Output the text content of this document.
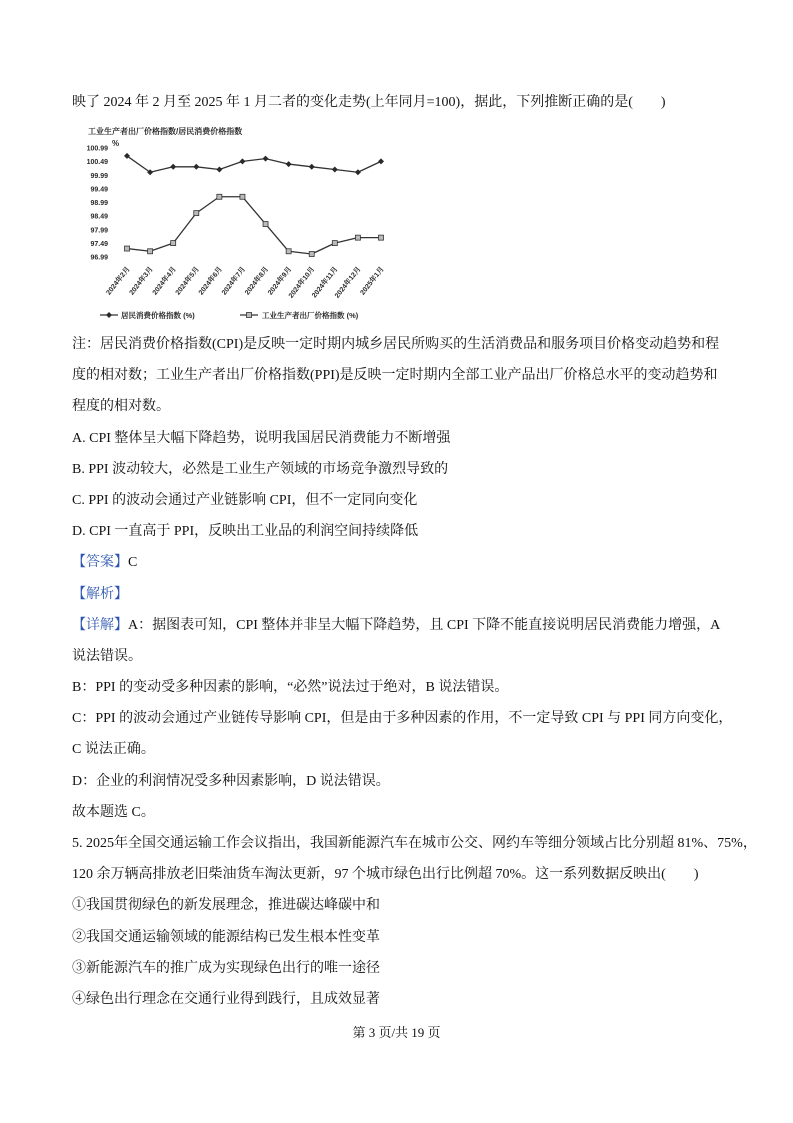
映了 2024 年 2 月至 2025 年 1 月二者的变化走势(上年同月=100)，据此，下列推断正确的是(　　)
工业生产者出厂价格指数/居民消费价格指数
%
100.99
100.49
99.99
99.49
98.99
98.49
97.99
97.49
96.99
2024年2月
2024年3月
2024年4月
2024年5月
2024年6月
2024年7月
2024年8月
2024年9月
2024年10月
2024年11月
2024年12月
2025年1月
居民消费价格指数 (%)	工业生产者出厂价格指数 (%)
注：居民消费价格指数(CPI)是反映一定时期内城乡居民所购买的生活消费品和服务项目价格变动趋势和程
度的相对数；工业生产者出厂价格指数(PPI)是反映一定时期内全部工业产品出厂价格总水平的变动趋势和
程度的相对数。
A. CPI 整体呈大幅下降趋势，说明我国居民消费能力不断增强
B. PPI 波动较大，必然是工业生产领域的市场竞争激烈导致的
C. PPI 的波动会通过产业链影响 CPI，但不一定同向变化
D. CPI 一直高于 PPI，反映出工业品的利润空间持续降低
【答案】C
【解析】
【详解】A：据图表可知，CPI 整体并非呈大幅下降趋势，且 CPI 下降不能直接说明居民消费能力增强，A
说法错误。
B：PPI 的变动受多种因素的影响，“必然”说法过于绝对，B 说法错误。
C：PPI 的波动会通过产业链传导影响 CPI，但是由于多种因素的作用，不一定导致 CPI 与 PPI 同方向变化，
C 说法正确。
D：企业的利润情况受多种因素影响，D 说法错误。
故本题选 C。
5. 2025年全国交通运输工作会议指出，我国新能源汽车在城市公交、网约车等细分领域占比分别超 81%、75%，
120 余万辆高排放老旧柴油货车淘汰更新，97 个城市绿色出行比例超 70%。这一系列数据反映出(　　)
①我国贯彻绿色的新发展理念，推进碳达峰碳中和
②我国交通运输领域的能源结构已发生根本性变革
③新能源汽车的推广成为实现绿色出行的唯一途径
④绿色出行理念在交通行业得到践行，且成效显著
第 3 页/共 19 页
